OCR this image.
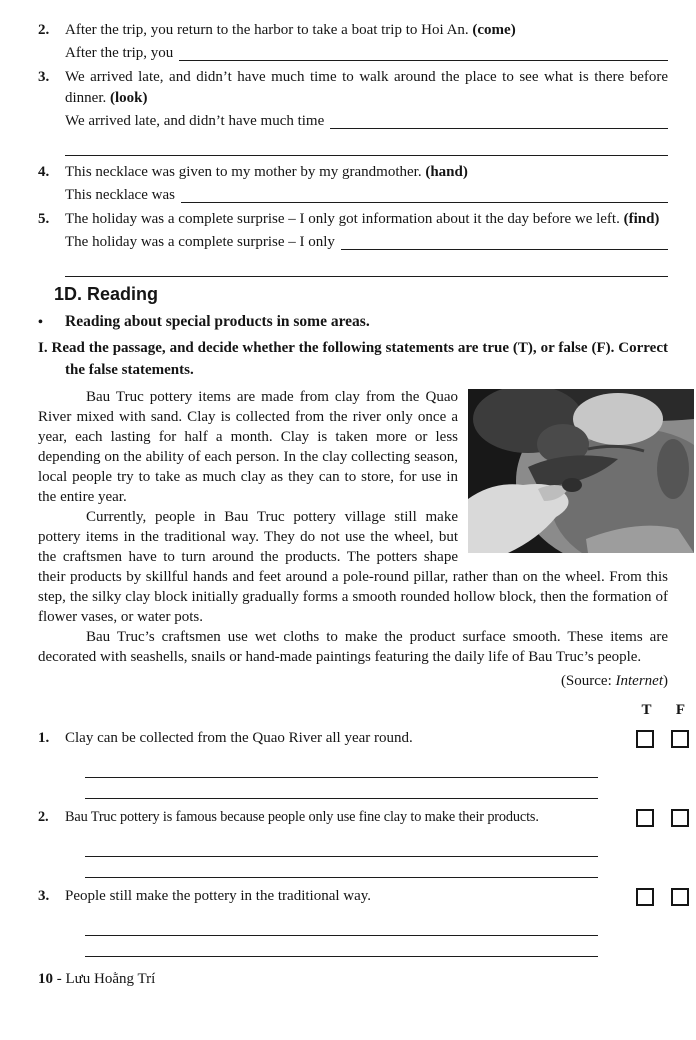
2. After the trip, you return to the harbor to take a boat trip to Hoi An. (come)

After the trip, you

3. We arrived late, and didn’t have much time to walk around the place to see what is there before dinner. (look)

We arrived late, and didn’t have much time

4. This necklace was given to my mother by my grandmother. (hand)

This necklace was

5. The holiday was a complete surprise – I only got information about it the day before we left. (find)

The holiday was a complete surprise – I only
1D. Reading
• Reading about special products in some areas.

I. Read the passage, and decide whether the following statements are true (T), or false (F). Correct the false statements.

Bau Truc pottery items are made from clay from the Quao River mixed with sand. Clay is collected from the river only once a year, each lasting for half a month. Clay is taken more or less depending on the ability of each person. In the clay collecting season, local people try to take as much clay as they can to store, for use in the entire year.

Currently, people in Bau Truc pottery village still make pottery items in the traditional way. They do not use the wheel, but the craftsmen have to turn around the products. The potters shape their products by skillful hands and feet around a pole-round pillar, rather than on the wheel. From this step, the silky clay block initially gradually forms a smooth rounded hollow block, then the formation of flower vases, or water pots.

Bau Truc’s craftsmen use wet cloths to make the product surface smooth. These items are decorated with seashells, snails or hand-made paintings featuring the daily life of Bau Truc’s people.

(Source: Internet)
T F

1. Clay can be collected from the Quao River all year round.

2. Bau Truc pottery is famous because people only use fine clay to make their products.

3. People still make the pottery in the traditional way.

10 - Lưu Hoằng Trí
